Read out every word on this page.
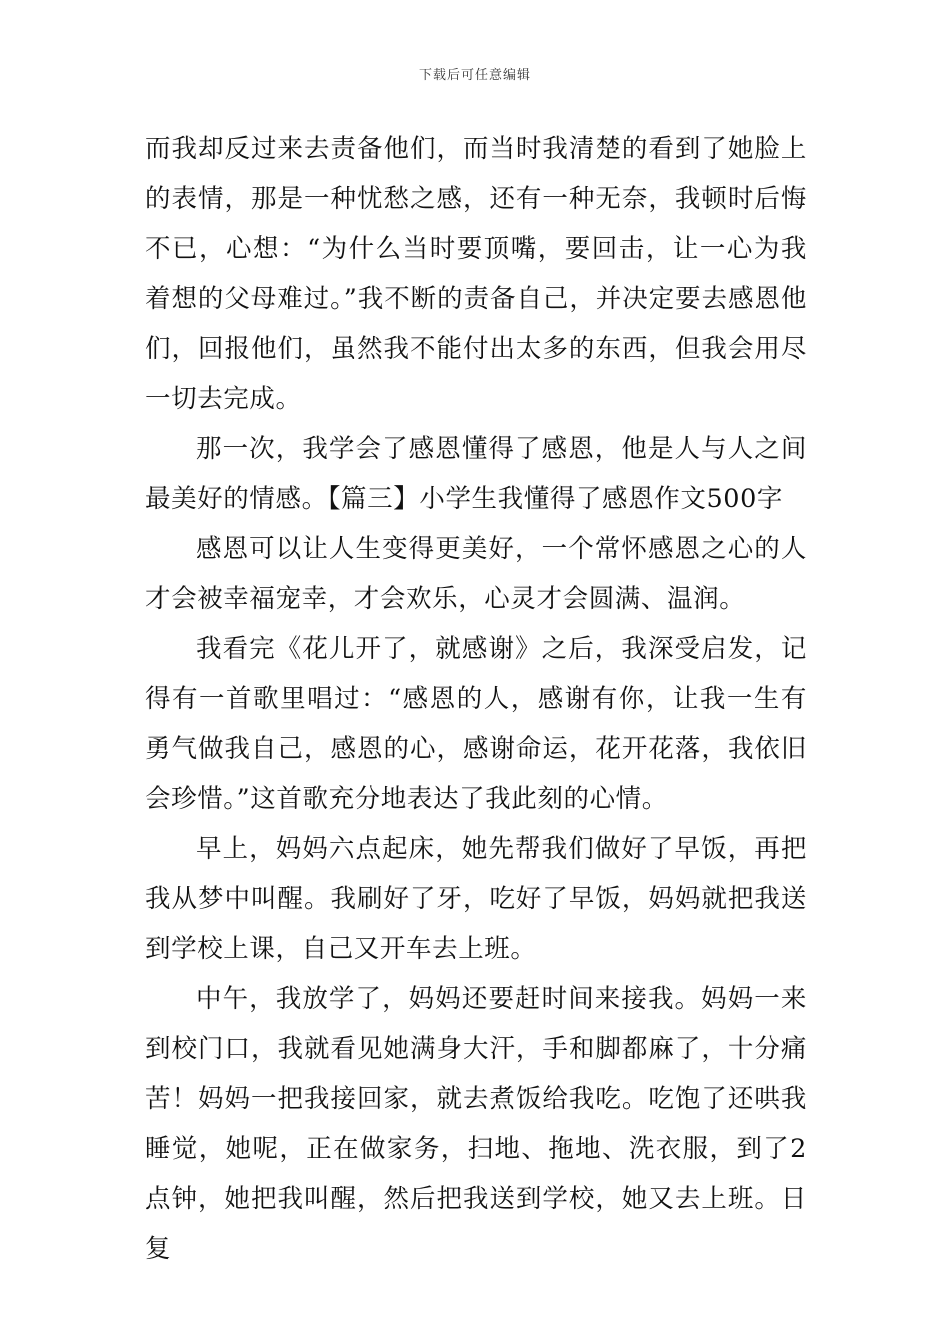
下载后可任意编辑

而我却反过来去责备他们，而当时我清楚的看到了她脸上的表情，那是一种忧愁之感，还有一种无奈，我顿时后悔不已，心想：“为什么当时要顶嘴，要回击，让一心为我着想的父母难过。”我不断的责备自己，并决定要去感恩他们，回报他们，虽然我不能付出太多的东西，但我会用尽一切去完成。

那一次，我学会了感恩懂得了感恩，他是人与人之间最美好的情感。【篇三】小学生我懂得了感恩作文500字

感恩可以让人生变得更美好，一个常怀感恩之心的人才会被幸福宠幸，才会欢乐，心灵才会圆满、温润。

我看完《花儿开了，就感谢》之后，我深受启发，记得有一首歌里唱过：“感恩的人，感谢有你，让我一生有勇气做我自己，感恩的心，感谢命运，花开花落，我依旧会珍惜。”这首歌充分地表达了我此刻的心情。

早上，妈妈六点起床，她先帮我们做好了早饭，再把我从梦中叫醒。我刷好了牙，吃好了早饭，妈妈就把我送到学校上课，自己又开车去上班。

中午，我放学了，妈妈还要赶时间来接我。妈妈一来到校门口，我就看见她满身大汗，手和脚都麻了，十分痛苦！妈妈一把我接回家，就去煮饭给我吃。吃饱了还哄我睡觉，她呢，正在做家务，扫地、拖地、洗衣服，到了2点钟，她把我叫醒，然后把我送到学校，她又去上班。日复
